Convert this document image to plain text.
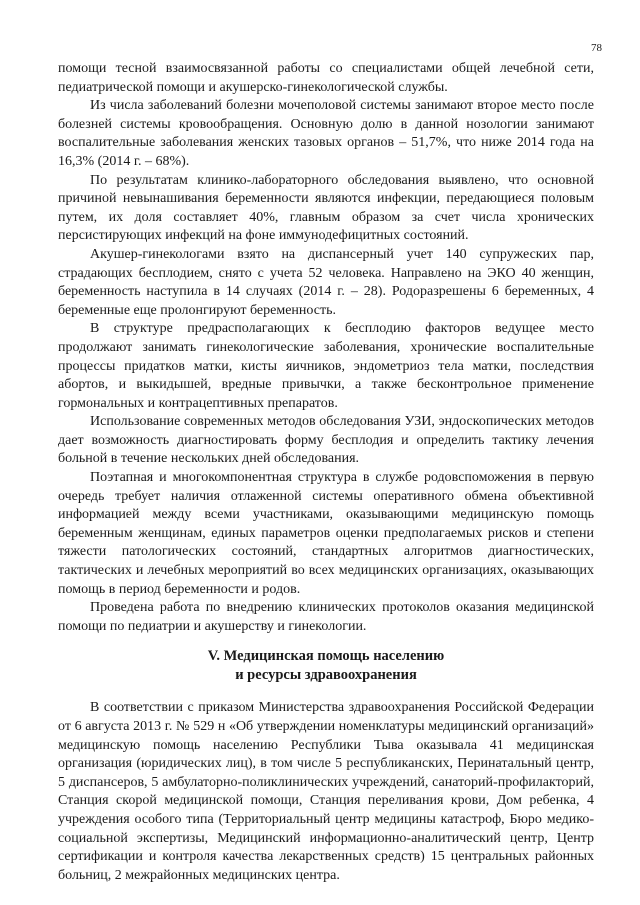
78

помощи тесной взаимосвязанной работы со специалистами общей лечебной сети, педиатрической помощи и акушерско-гинекологической службы.

Из числа заболеваний болезни мочеполовой системы занимают второе место после болезней системы кровообращения. Основную долю в данной нозологии занимают воспалительные заболевания женских тазовых органов – 51,7%, что ниже 2014 года на 16,3% (2014 г. – 68%).

По результатам клинико-лабораторного обследования выявлено, что основной причиной невынашивания беременности являются инфекции, передающиеся половым путем, их доля составляет 40%, главным образом за счет числа хронических персистирующих инфекций на фоне иммунодефицитных состояний.

Акушер-гинекологами взято на диспансерный учет 140 супружеских пар, страдающих бесплодием, снято с учета 52 человека. Направлено на ЭКО 40 женщин, беременность наступила в 14 случаях (2014 г. – 28). Родоразрешены 6 беременных, 4 беременные еще пролонгируют беременность.

В структуре предрасполагающих к бесплодию факторов ведущее место продолжают занимать гинекологические заболевания, хронические воспалительные процессы придатков матки, кисты яичников, эндометриоз тела матки, последствия абортов, и выкидышей, вредные привычки, а также бесконтрольное применение гормональных и контрацептивных препаратов.

Использование современных методов обследования УЗИ, эндоскопических методов дает возможность диагностировать форму бесплодия и определить тактику лечения больной в течение нескольких дней обследования.

Поэтапная и многокомпонентная структура в службе родовспоможения в первую очередь требует наличия отлаженной системы оперативного обмена объективной информацией между всеми участниками, оказывающими медицинскую помощь беременным женщинам, единых параметров оценки предполагаемых рисков и степени тяжести патологических состояний, стандартных алгоритмов диагностических, тактических и лечебных мероприятий во всех медицинских организациях, оказывающих помощь в период беременности и родов.

Проведена работа по внедрению клинических протоколов оказания медицинской помощи по педиатрии и акушерству и гинекологии.

V. Медицинская помощь населению
и ресурсы здравоохранения

В соответствии с приказом Министерства здравоохранения Российской Федерации от 6 августа 2013 г. № 529 н «Об утверждении номенклатуры медицинский организаций» медицинскую помощь населению Республики Тыва оказывала 41 медицинская организация (юридических лиц), в том числе 5 республиканских, Перинатальный центр, 5 диспансеров, 5 амбулаторно-поликлинических учреждений, санаторий-профилакторий, Станция скорой медицинской помощи, Станция переливания крови, Дом ребенка, 4 учреждения особого типа (Территориальный центр медицины катастроф, Бюро медико-социальной экспертизы, Медицинский информационно-аналитический центр, Центр сертификации и контроля качества лекарственных средств) 15 центральных районных больниц, 2 межрайонных медицинских центра.
